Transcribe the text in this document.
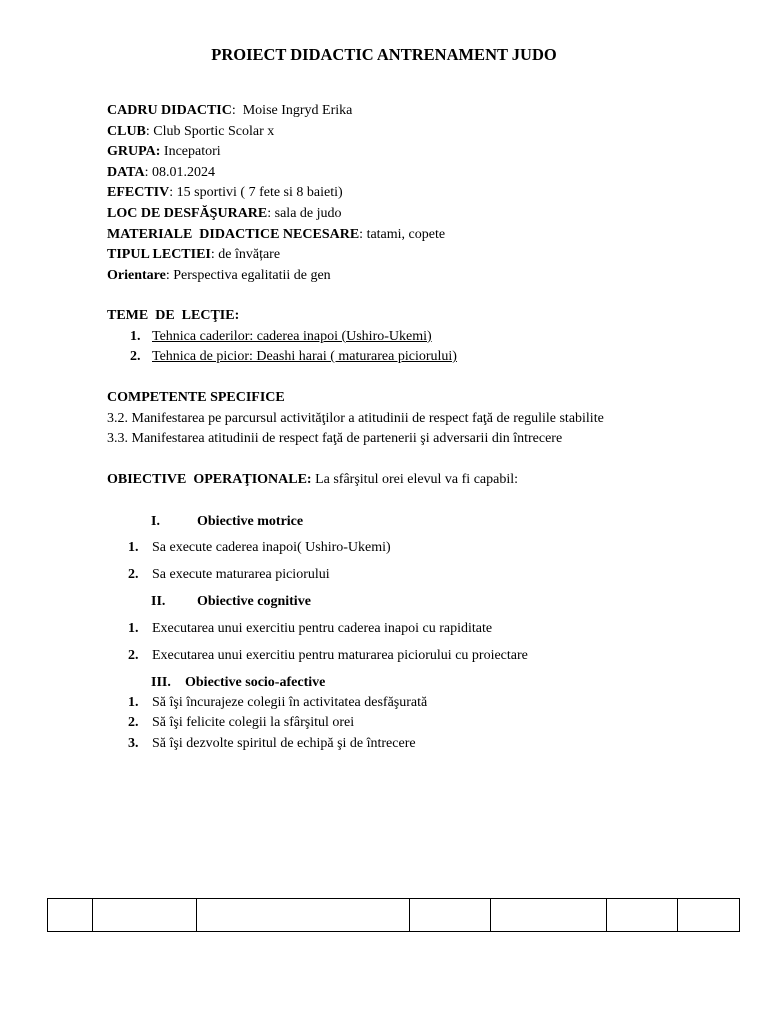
PROIECT DIDACTIC ANTRENAMENT JUDO
CADRU DIDACTIC:  Moise Ingryd Erika
CLUB: Club Sportic Scolar x
GRUPA: Incepatori
DATA: 08.01.2024
EFECTIV: 15 sportivi ( 7 fete si 8 baieti)
LOC DE DESFĂŞURARE: sala de judo
MATERIALE  DIDACTICE NECESARE: tatami, copete
TIPUL LECTIEI: de învățare
Orientare: Perspectiva egalitatii de gen
TEME  DE  LECŢIE:
1. Tehnica caderilor: caderea inapoi (Ushiro-Ukemi)
2. Tehnica de picior: Deashi harai ( maturarea piciorului)
COMPETENTE SPECIFICE
3.2. Manifestarea pe parcursul activităţilor a atitudinii de respect faţă de regulile stabilite
3.3. Manifestarea atitudinii de respect faţă de partenerii şi adversarii din întrecere
OBIECTIVE  OPERAŢIONALE: La sfârşitul orei elevul va fi capabil:
I.	Obiective motrice
1. Sa execute caderea inapoi( Ushiro-Ukemi)
2. Sa execute maturarea piciorului
II. Obiective cognitive
1. Executarea unui exercitiu pentru caderea inapoi cu rapiditate
2. Executarea unui exercitiu pentru maturarea piciorului cu proiectare
III. Obiective socio-afective
1. Să îşi încurajeze colegii în activitatea desfăşurată
2. Să îşi felicite colegii la sfârşitul orei
3. Să îşi dezvolte spiritul de echipă şi de întrecere
